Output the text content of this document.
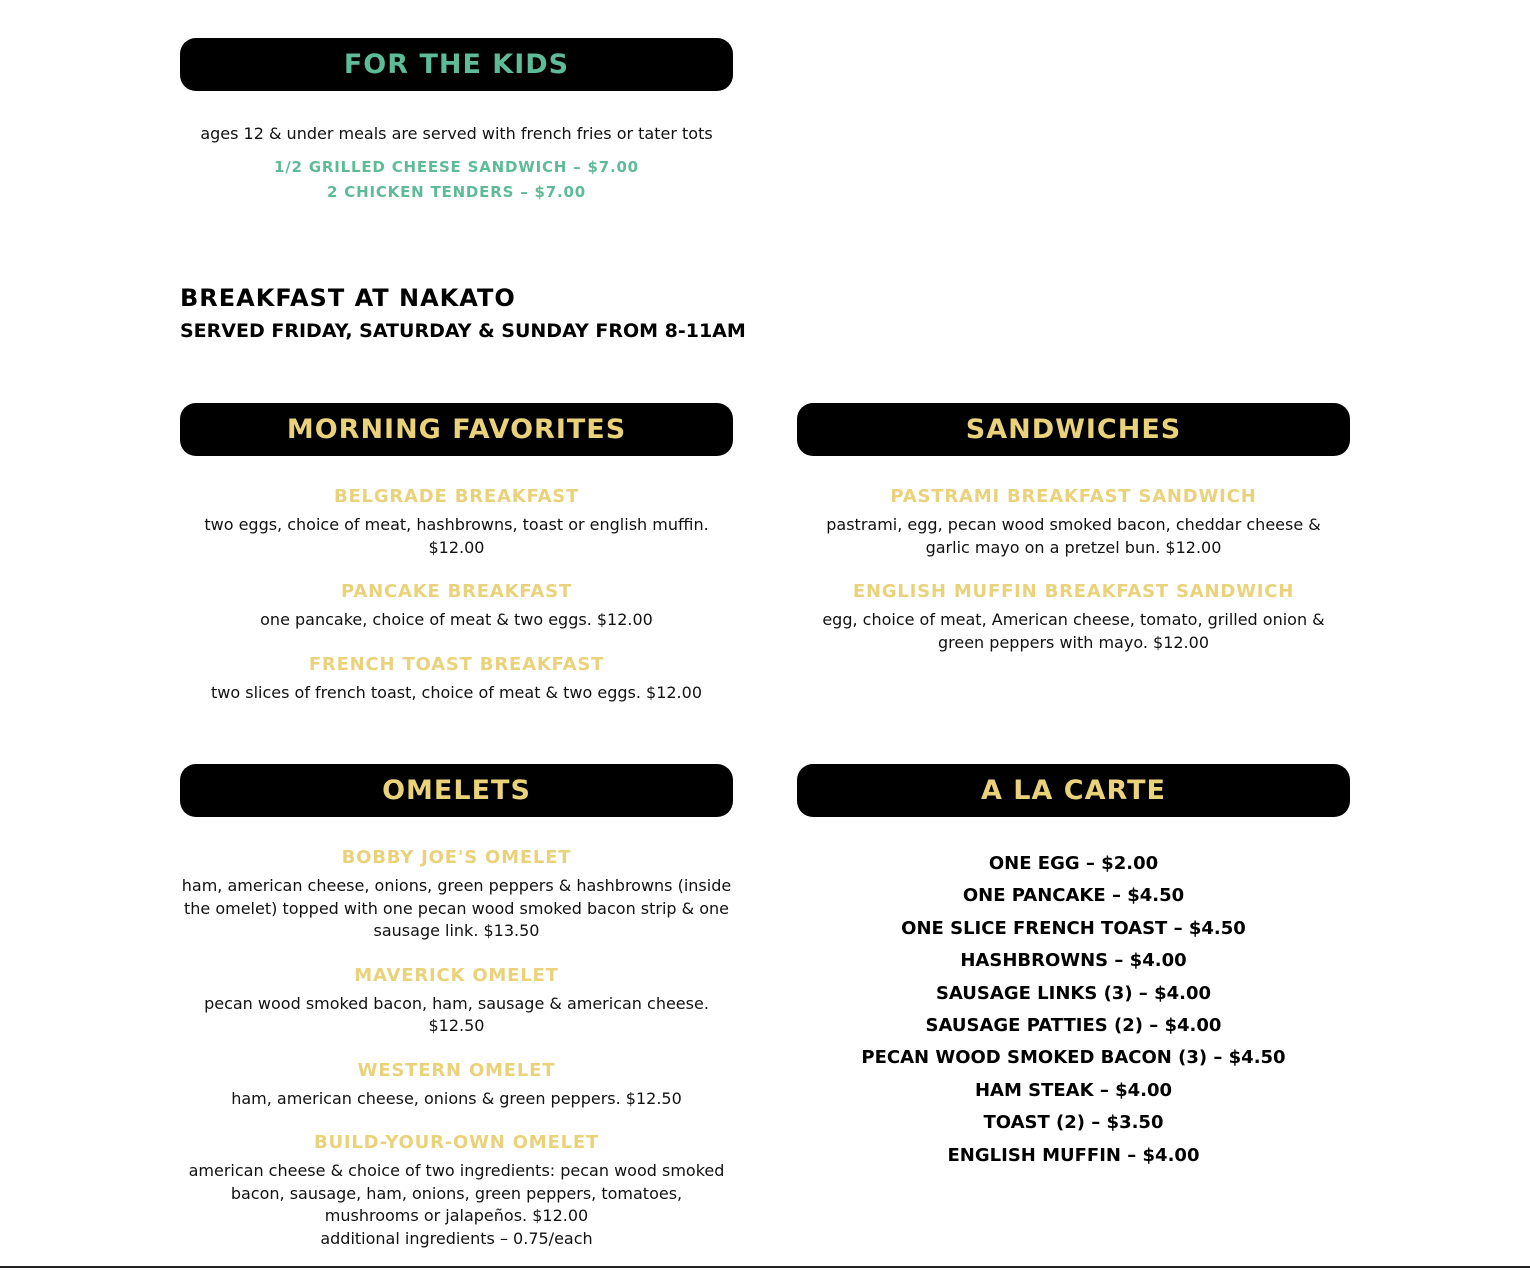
FOR THE KIDS
ages 12 & under meals are served with french fries or tater tots
1/2 GRILLED CHEESE SANDWICH – $7.00
2 CHICKEN TENDERS – $7.00
BREAKFAST AT NAKATO
SERVED FRIDAY, SATURDAY & SUNDAY FROM 8-11AM
MORNING FAVORITES
BELGRADE BREAKFAST
two eggs, choice of meat, hashbrowns, toast or english muffin. $12.00
PANCAKE BREAKFAST
one pancake, choice of meat & two eggs. $12.00
FRENCH TOAST BREAKFAST
two slices of french toast, choice of meat & two eggs. $12.00
SANDWICHES
PASTRAMI BREAKFAST SANDWICH
pastrami, egg, pecan wood smoked bacon, cheddar cheese & garlic mayo on a pretzel bun. $12.00
ENGLISH MUFFIN BREAKFAST SANDWICH
egg, choice of meat, American cheese, tomato, grilled onion & green peppers with mayo. $12.00
OMELETS
BOBBY JOE'S OMELET
ham, american cheese, onions, green peppers & hashbrowns (inside the omelet) topped with one pecan wood smoked bacon strip & one sausage link. $13.50
MAVERICK OMELET
pecan wood smoked bacon, ham, sausage & american cheese. $12.50
WESTERN OMELET
ham, american cheese, onions & green peppers. $12.50
BUILD-YOUR-OWN OMELET
american cheese & choice of two ingredients: pecan wood smoked bacon, sausage, ham, onions, green peppers, tomatoes, mushrooms or jalapeños. $12.00
additional ingredients – 0.75/each
A LA CARTE
ONE EGG – $2.00
ONE PANCAKE – $4.50
ONE SLICE FRENCH TOAST – $4.50
HASHBROWNS – $4.00
SAUSAGE LINKS (3) – $4.00
SAUSAGE PATTIES (2) – $4.00
PECAN WOOD SMOKED BACON (3) – $4.50
HAM STEAK – $4.00
TOAST (2) – $3.50
ENGLISH MUFFIN – $4.00
